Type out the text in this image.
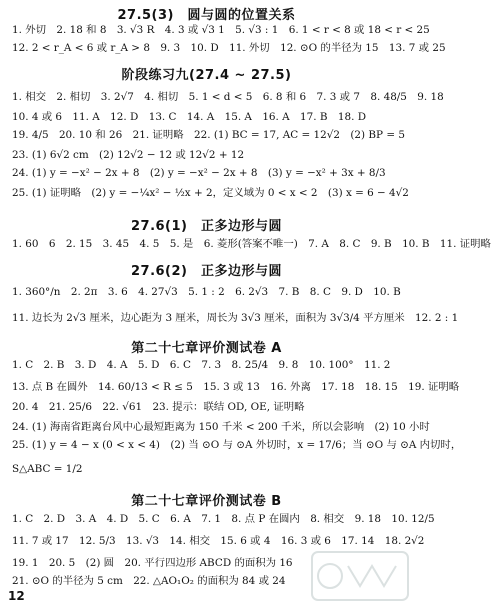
27.5(3)　圆与圆的位置关系
1. 外切　2. 18 和 8　3. √3 R　4. 3 或 √3 1　5. √3 : 1　6. 1 < r < 8 或 18 < r < 25
12. 2 < r_A < 6 或 r_A > 8　9. 3　10. D　11. 外切　12. ⊙O 的半径为 15　13. 7 或 25
阶段练习九(27.4 ~ 27.5)
1. 相交　2. 相切　3. 2√7　4. 相切　5. 1 < d < 5　6. 8 和 6　7. 3 或 7　8. 48/5　9. 18
10. 4 或 6　11. A　12. D　13. C　14. A　15. A　16. A　17. B　18. D
19. 4/5　20. 10 和 26　21. 证明略　22. (1) BC = 17, AC = 12√2　(2) BP = 5
23. (1) 6√2 cm　(2) 12√2 − 12 或 12√2 + 12
24. (1) y = −x² − 2x + 8　(2) y = −x² − 2x + 8　(3) y = −x² + 3x + 8/3
25. (1) 证明略　(2) y = −¼x² − ½x + 2，定义域为 0 < x < 2　(3) x = 6 − 4√2
27.6(1)　正多边形与圆
1. 60　6　2. 15　3. 45　4. 5　5. 是　6. 菱形(答案不唯一)　7. A　8. C　9. B　10. B　11. 证明略
27.6(2)　正多边形与圆
1. 360°/n　2. 2π　3. 6　4. 27√3　5. 1 : 2　6. 2√3　7. B　8. C　9. D　10. B
11. 边长为 2√3 厘米，边心距为 3 厘米，周长为 3√3 厘米，面积为 3√3/4 平方厘米　12. 2 : 1
第二十七章评价测试卷 A
1. C　2. B　3. D　4. A　5. D　6. C　7. 3　8. 25/4　9. 8　10. 100°　11. 2
13. 点 B 在圆外　14. 60/13 < R ≤ 5　15. 3 或 13　16. 外离　17. 18　18. 15　19. 证明略
20. 4　21. 25/6　22. √61　23. 提示：联结 OD, OE, 证明略
24. (1) 海南省距离台风中心最短距离为 150 千米 < 200 千米，所以会影响　(2) 10 小时
25. (1) y = 4 − x (0 < x < 4)　(2) 当 ⊙O 与 ⊙A 外切时，x = 17/6；当 ⊙O 与 ⊙A 内切时，
S△ABC = 1/2
第二十七章评价测试卷 B
1. C　2. D　3. A　4. D　5. C　6. A　7. 1　8. 点 P 在圆内　8. 相交　9. 18　10. 12/5
11. 7 或 17　12. 5/3　13. √3　14. 相交　15. 6 或 4　16. 3 或 6　17. 14　18. 2√2
19. 1　20. 5　(2) 圆　20. 平行四边形 ABCD 的面积为 16
21. ⊙O 的半径为 5 cm　22. △AO₁O₂ 的面积为 84 或 24
12
